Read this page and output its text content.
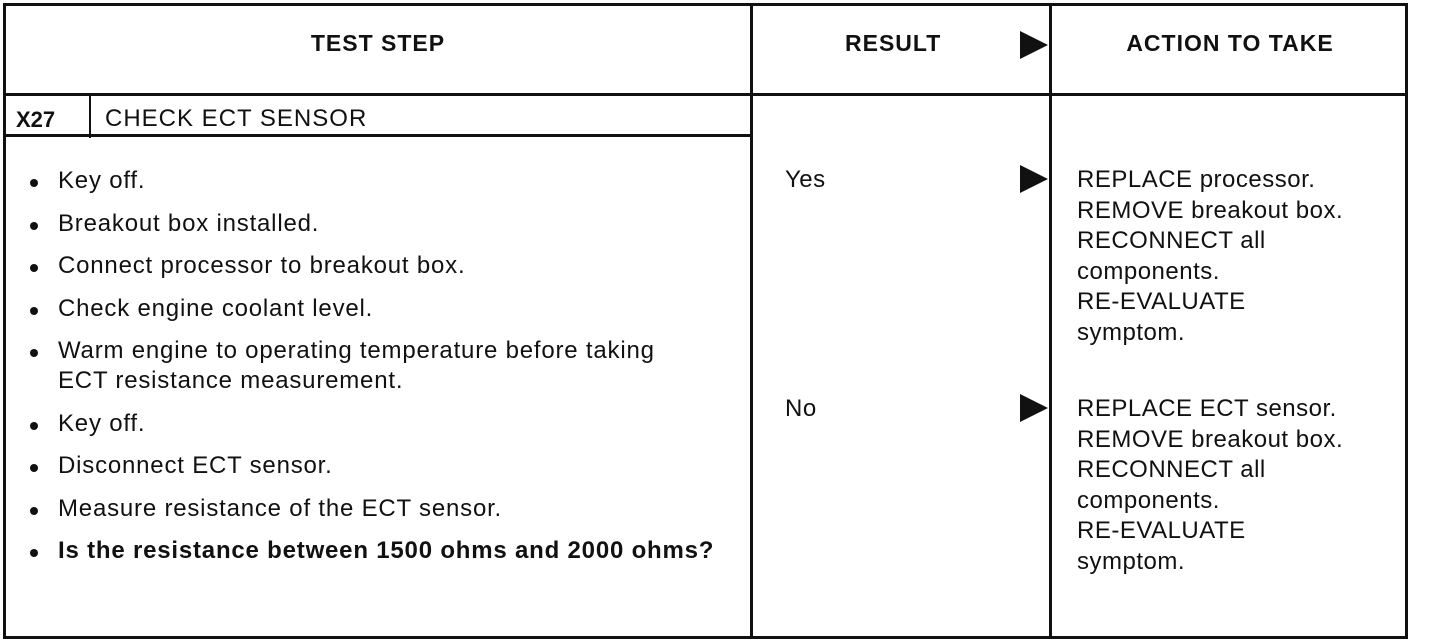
TEST STEP	RESULT	ACTION TO TAKE
X27 CHECK ECT SENSOR
Key off.
Breakout box installed.
Connect processor to breakout box.
Check engine coolant level.
Warm engine to operating temperature before taking ECT resistance measurement.
Key off.
Disconnect ECT sensor.
Measure resistance of the ECT sensor.
Is the resistance between 1500 ohms and 2000 ohms?
Yes	REPLACE processor.
REMOVE breakout box.
RECONNECT all
components.
RE-EVALUATE
symptom.
No	REPLACE ECT sensor.
REMOVE breakout box.
RECONNECT all
components.
RE-EVALUATE
symptom.
